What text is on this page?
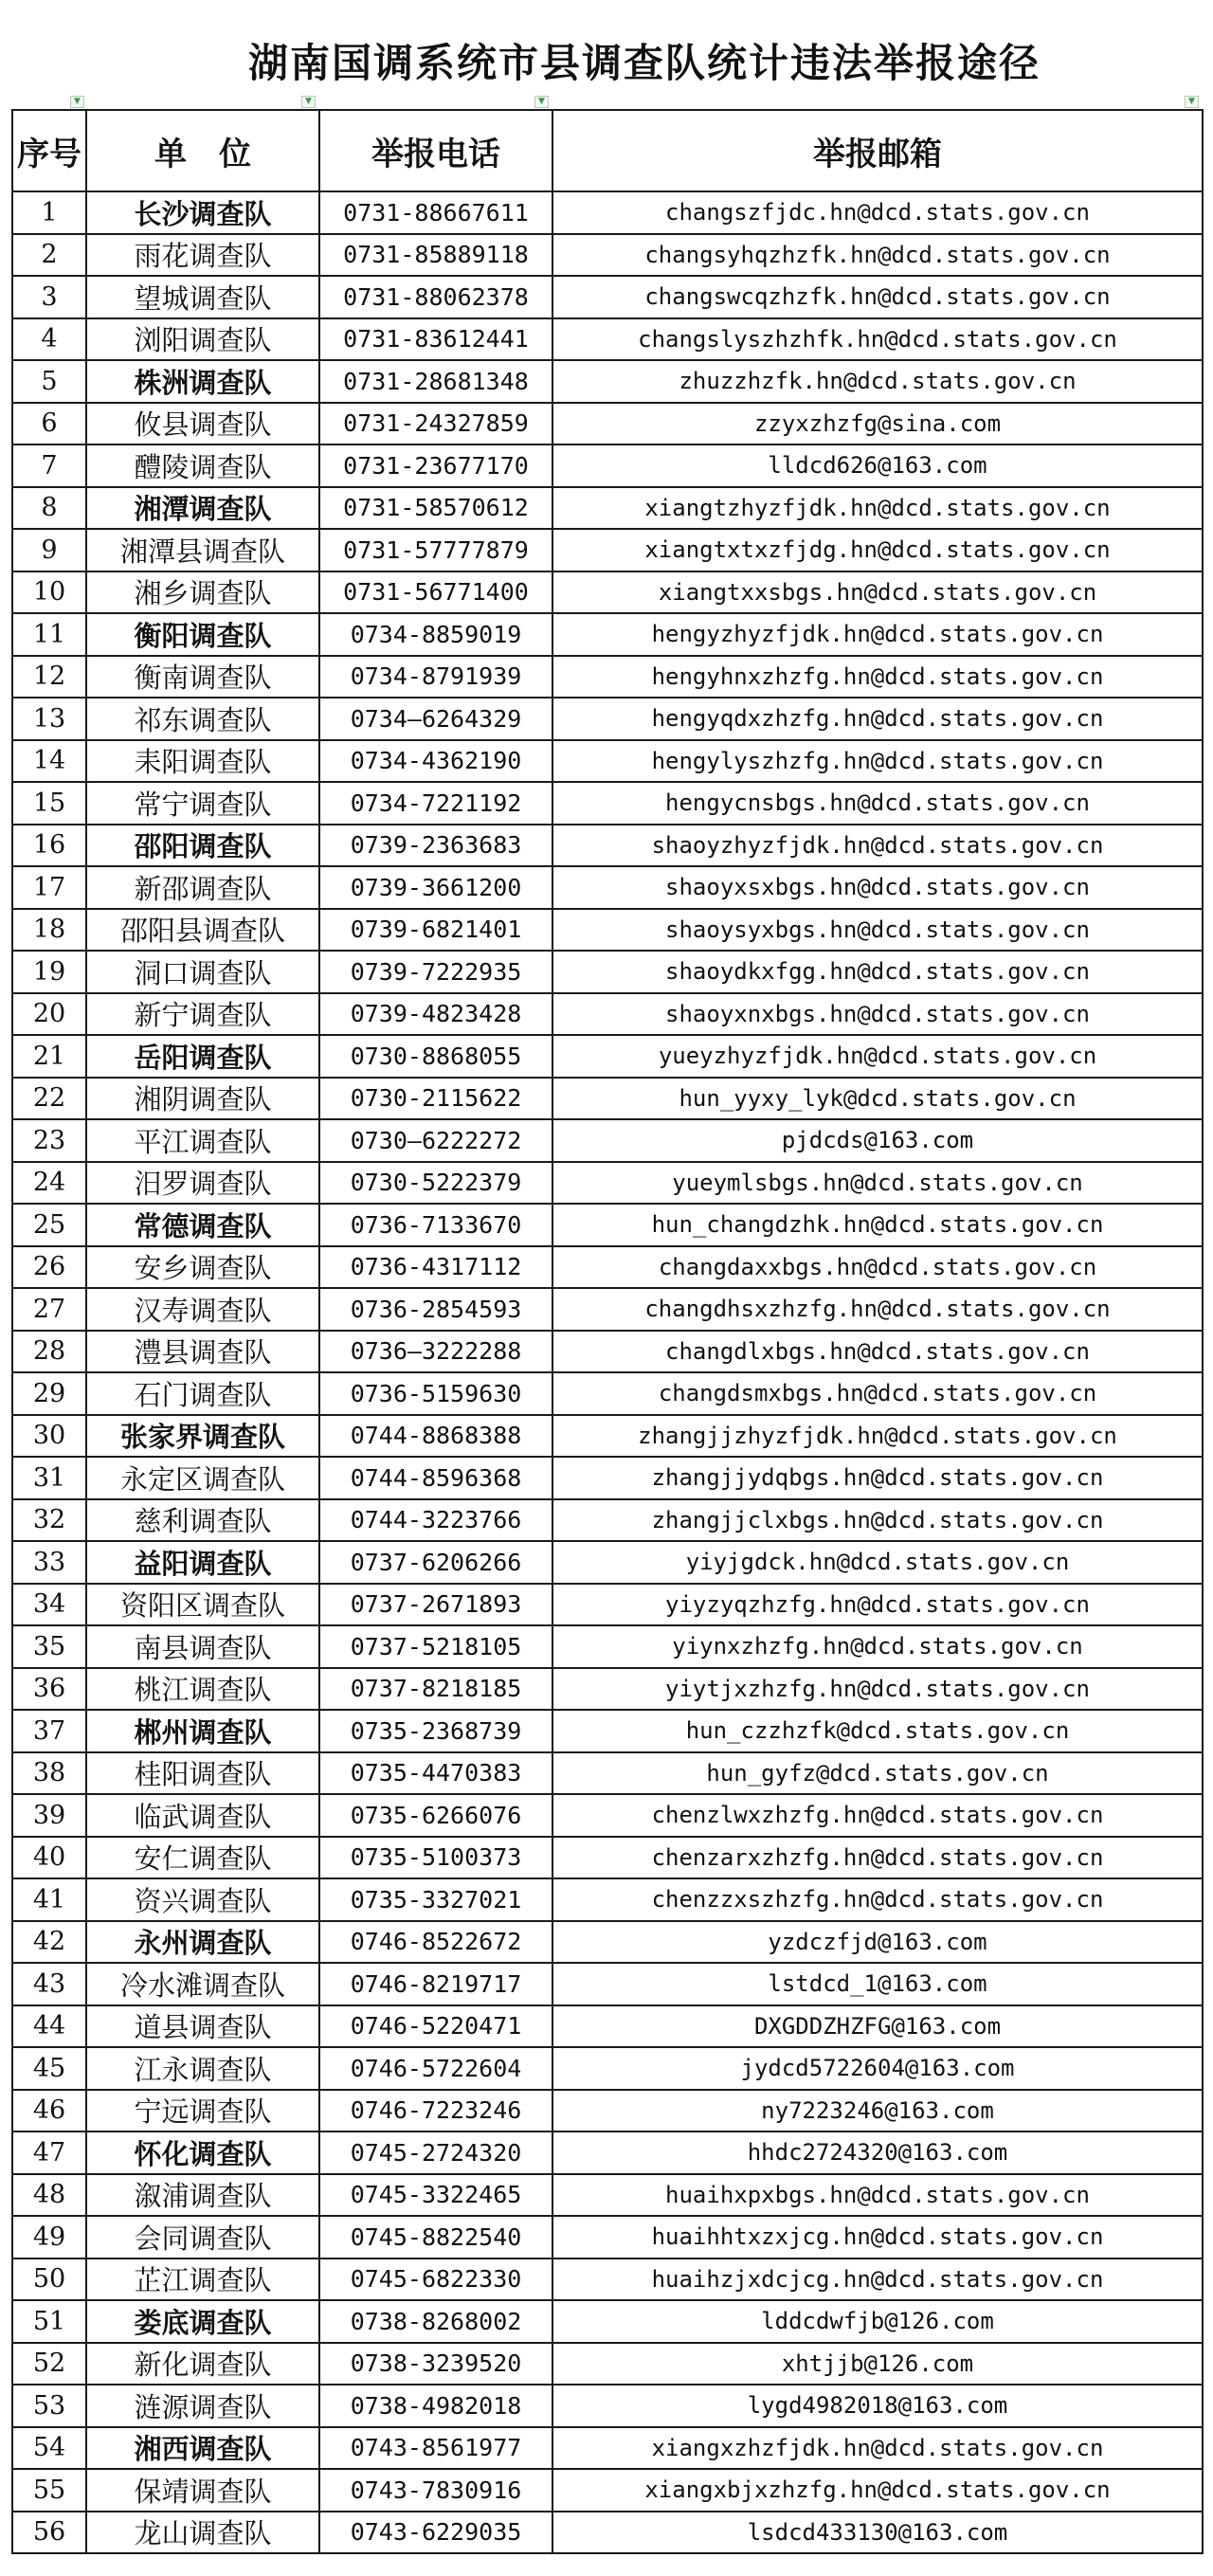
湖南国调系统市县调查队统计违法举报途径
▼	▼	▼	▼
序号	单　位	举报电话	举报邮箱
1	长沙调查队	0731-88667611	changszfjdc.hn@dcd.stats.gov.cn
2	雨花调查队	0731-85889118	changsyhqzhzfk.hn@dcd.stats.gov.cn
3	望城调查队	0731-88062378	changswcqzhzfk.hn@dcd.stats.gov.cn
4	浏阳调查队	0731-83612441	changslyszhzhfk.hn@dcd.stats.gov.cn
5	株洲调查队	0731-28681348	zhuzzhzfk.hn@dcd.stats.gov.cn
6	攸县调查队	0731-24327859	zzyxzhzfg@sina.com
7	醴陵调查队	0731-23677170	lldcd626@163.com
8	湘潭调查队	0731-58570612	xiangtzhyzfjdk.hn@dcd.stats.gov.cn
9	湘潭县调查队	0731-57777879	xiangtxtxzfjdg.hn@dcd.stats.gov.cn
10	湘乡调查队	0731-56771400	xiangtxxsbgs.hn@dcd.stats.gov.cn
11	衡阳调查队	0734-8859019	hengyzhyzfjdk.hn@dcd.stats.gov.cn
12	衡南调查队	0734-8791939	hengyhnxzhzfg.hn@dcd.stats.gov.cn
13	祁东调查队	0734—6264329	hengyqdxzhzfg.hn@dcd.stats.gov.cn
14	耒阳调查队	0734-4362190	hengylyszhzfg.hn@dcd.stats.gov.cn
15	常宁调查队	0734-7221192	hengycnsbgs.hn@dcd.stats.gov.cn
16	邵阳调查队	0739-2363683	shaoyzhyzfjdk.hn@dcd.stats.gov.cn
17	新邵调查队	0739-3661200	shaoyxsxbgs.hn@dcd.stats.gov.cn
18	邵阳县调查队	0739-6821401	shaoysyxbgs.hn@dcd.stats.gov.cn
19	洞口调查队	0739-7222935	shaoydkxfgg.hn@dcd.stats.gov.cn
20	新宁调查队	0739-4823428	shaoyxnxbgs.hn@dcd.stats.gov.cn
21	岳阳调查队	0730-8868055	yueyzhyzfjdk.hn@dcd.stats.gov.cn
22	湘阴调查队	0730-2115622	hun_yyxy_lyk@dcd.stats.gov.cn
23	平江调查队	0730—6222272	pjdcds@163.com
24	汨罗调查队	0730-5222379	yueymlsbgs.hn@dcd.stats.gov.cn
25	常德调查队	0736-7133670	hun_changdzhk.hn@dcd.stats.gov.cn
26	安乡调查队	0736-4317112	changdaxxbgs.hn@dcd.stats.gov.cn
27	汉寿调查队	0736-2854593	changdhsxzhzfg.hn@dcd.stats.gov.cn
28	澧县调查队	0736—3222288	changdlxbgs.hn@dcd.stats.gov.cn
29	石门调查队	0736-5159630	changdsmxbgs.hn@dcd.stats.gov.cn
30	张家界调查队	0744-8868388	zhangjjzhyzfjdk.hn@dcd.stats.gov.cn
31	永定区调查队	0744-8596368	zhangjjydqbgs.hn@dcd.stats.gov.cn
32	慈利调查队	0744-3223766	zhangjjclxbgs.hn@dcd.stats.gov.cn
33	益阳调查队	0737-6206266	yiyjgdck.hn@dcd.stats.gov.cn
34	资阳区调查队	0737-2671893	yiyzyqzhzfg.hn@dcd.stats.gov.cn
35	南县调查队	0737-5218105	yiynxzhzfg.hn@dcd.stats.gov.cn
36	桃江调查队	0737-8218185	yiytjxzhzfg.hn@dcd.stats.gov.cn
37	郴州调查队	0735-2368739	hun_czzhzfk@dcd.stats.gov.cn
38	桂阳调查队	0735-4470383	hun_gyfz@dcd.stats.gov.cn
39	临武调查队	0735-6266076	chenzlwxzhzfg.hn@dcd.stats.gov.cn
40	安仁调查队	0735-5100373	chenzarxzhzfg.hn@dcd.stats.gov.cn
41	资兴调查队	0735-3327021	chenzzxszhzfg.hn@dcd.stats.gov.cn
42	永州调查队	0746-8522672	yzdczfjd@163.com
43	冷水滩调查队	0746-8219717	lstdcd_1@163.com
44	道县调查队	0746-5220471	DXGDDZHZFG@163.com
45	江永调查队	0746-5722604	jydcd5722604@163.com
46	宁远调查队	0746-7223246	ny7223246@163.com
47	怀化调查队	0745-2724320	hhdc2724320@163.com
48	溆浦调查队	0745-3322465	huaihxpxbgs.hn@dcd.stats.gov.cn
49	会同调查队	0745-8822540	huaihhtxzxjcg.hn@dcd.stats.gov.cn
50	芷江调查队	0745-6822330	huaihzjxdcjcg.hn@dcd.stats.gov.cn
51	娄底调查队	0738-8268002	lddcdwfjb@126.com
52	新化调查队	0738-3239520	xhtjjb@126.com
53	涟源调查队	0738-4982018	lygd4982018@163.com
54	湘西调查队	0743-8561977	xiangxzhzfjdk.hn@dcd.stats.gov.cn
55	保靖调查队	0743-7830916	xiangxbjxzhzfg.hn@dcd.stats.gov.cn
56	龙山调查队	0743-6229035	lsdcd433130@163.com
